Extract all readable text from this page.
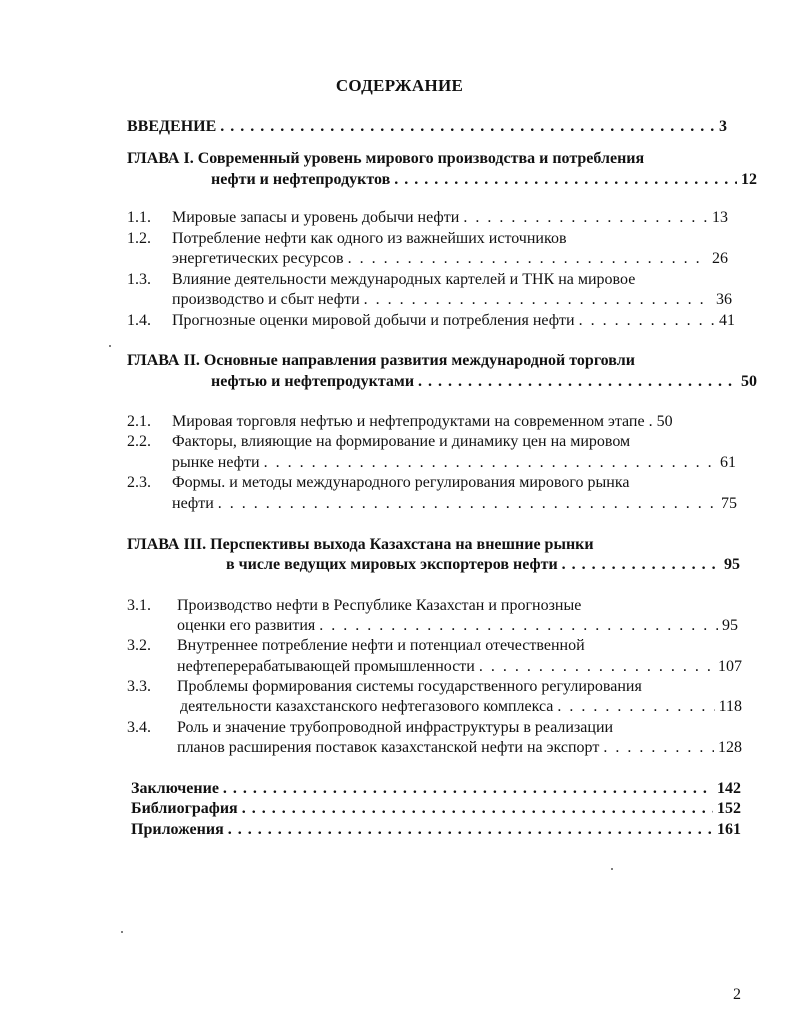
СОДЕРЖАНИЕ
ВВЕДЕНИЕ . . .	3
ГЛАВА I. Современный уровень мирового производства и потребления
нефти и нефтепродуктов . . .	12
1.1. Мировые запасы и уровень добычи нефти . . .	13
1.2. Потребление нефти как одного из важнейших источников
энергетических ресурсов . . .	26
1.3. Влияние деятельности международных картелей и ТНК на мировое
производство и сбыт нефти . . .	36
1.4. Прогнозные оценки мировой добычи и потребления нефти . . .	41
ГЛАВА II. Основные направления развития международной торговли
нефтью и нефтепродуктами . . .	50
2.1. Мировая торговля нефтью и нефтепродуктами на современном этапе . 50
2.2. Факторы, влияющие на формирование и динамику цен на мировом
рынке нефти . . .	61
2.3. Формы. и методы международного регулирования мирового рынка
нефти . . .	75
ГЛАВА III. Перспективы выхода Казахстана на внешние рынки
в числе ведущих мировых экспортеров нефти . . .	95
3.1. Производство нефти в Республике Казахстан и прогнозные
оценки его развития . . .	95
3.2. Внутреннее потребление нефти и потенциал отечественной
нефтеперерабатывающей промышленности . . .	107
3.3. Проблемы формирования системы государственного регулирования
деятельности казахстанского нефтегазового комплекса . . .	118
3.4. Роль и значение трубопроводной инфраструктуры в реализации
планов расширения поставок казахстанской нефти на экспорт . . .	128
Заключение . . .	142
Библиография . . .	152
Приложения . . .	161
2
